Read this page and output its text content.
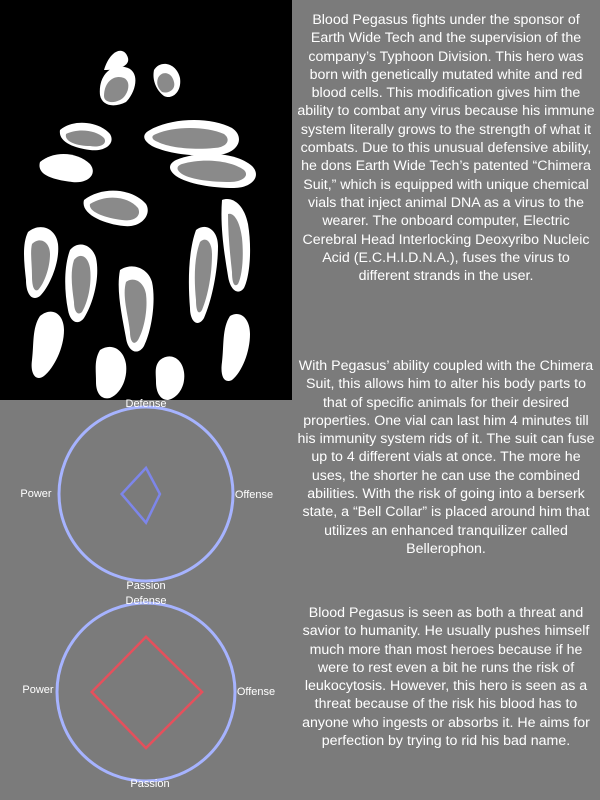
Blood Pegasus fights under the sponsor of Earth Wide Tech and the supervision of the company’s Typhoon Division. This hero was born with genetically mutated white and red blood cells. This modification gives him the ability to combat any virus because his immune system literally grows to the strength of what it combats. Due to this unusual defensive ability, he dons Earth Wide Tech’s patented “Chimera Suit,” which is equipped with unique chemical vials that inject animal DNA as a virus to the wearer. The onboard computer, Electric Cerebral Head Interlocking Deoxyribo Nucleic Acid (E.C.H.I.D.N.A.), fuses the virus to different strands in the user.

With Pegasus’ ability coupled with the Chimera Suit, this allows him to alter his body parts to that of specific animals for their desired properties. One vial can last him 4 minutes till his immunity system rids of it. The suit can fuse up to 4 different vials at once. The more he uses, the shorter he can use the combined abilities. With the risk of going into a berserk state, a “Bell Collar” is placed around him that utilizes an enhanced tranquilizer called Bellerophon.

Blood Pegasus is seen as both a threat and savior to humanity. He usually pushes himself much more than most heroes because if he were to rest even a bit he runs the risk of leukocytosis. However, this hero is seen as a threat because of the risk his blood has to anyone who ingests or absorbs it. He aims for perfection by trying to rid his bad name.

Defense
Offense
Passion
Power
Defense
Offense
Passion
Power
